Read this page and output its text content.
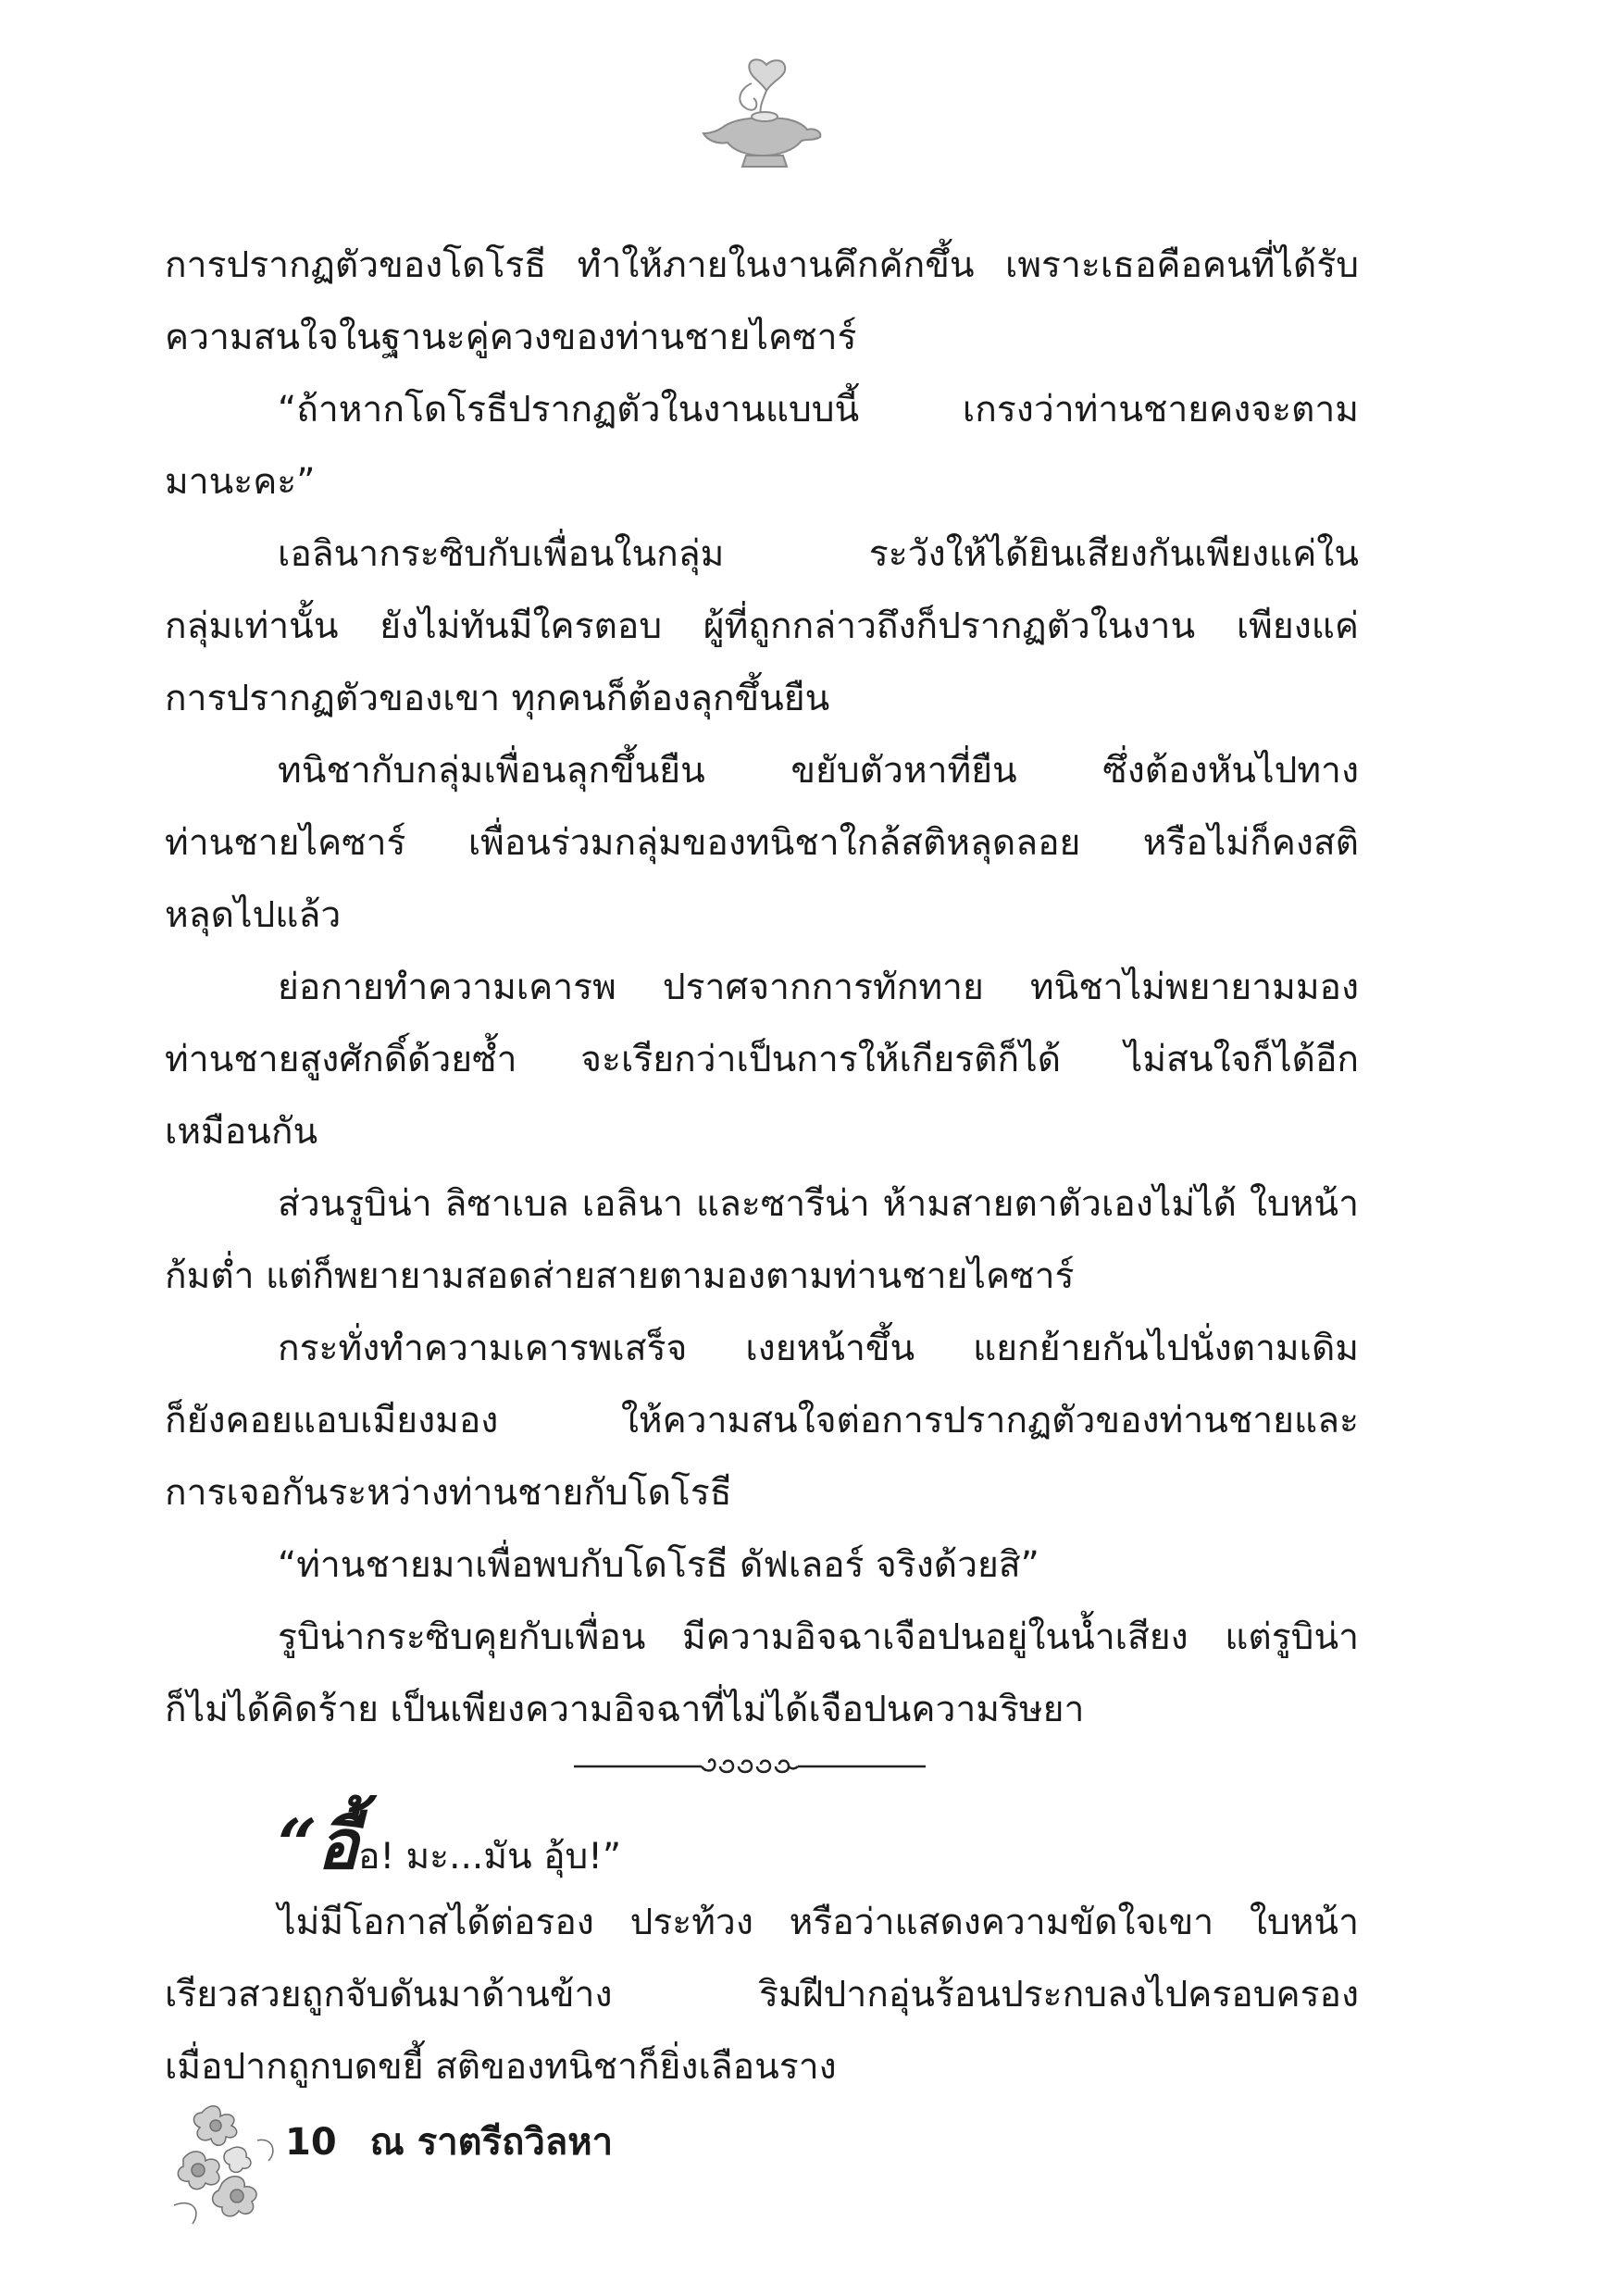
การปรากฏตัวของโดโรธี ทำให้ภายในงานคึกคักขึ้น เพราะเธอคือคนที่ได้รับ
ความสนใจในฐานะคู่ควงของท่านชายไคซาร์
“ถ้าหากโดโรธีปรากฏตัวในงานแบบนี้ เกรงว่าท่านชายคงจะตาม
มานะคะ”
เอลินากระซิบกับเพื่อนในกลุ่ม ระวังให้ได้ยินเสียงกันเพียงแค่ใน
กลุ่มเท่านั้น ยังไม่ทันมีใครตอบ ผู้ที่ถูกกล่าวถึงก็ปรากฏตัวในงาน เพียงแค่
การปรากฏตัวของเขา ทุกคนก็ต้องลุกขึ้นยืน
ทนิชากับกลุ่มเพื่อนลุกขึ้นยืน ขยับตัวหาที่ยืน ซึ่งต้องหันไปทาง
ท่านชายไคซาร์ เพื่อนร่วมกลุ่มของทนิชาใกล้สติหลุดลอย หรือไม่ก็คงสติ
หลุดไปแล้ว
ย่อกายทำความเคารพ ปราศจากการทักทาย ทนิชาไม่พยายามมอง
ท่านชายสูงศักดิ์ด้วยซ้ำ จะเรียกว่าเป็นการให้เกียรติก็ได้ ไม่สนใจก็ได้อีก
เหมือนกัน
ส่วนรูบิน่า ลิซาเบล เอลินา และซารีน่า ห้ามสายตาตัวเองไม่ได้ ใบหน้า
ก้มต่ำ แต่ก็พยายามสอดส่ายสายตามองตามท่านชายไคซาร์
กระทั่งทำความเคารพเสร็จ เงยหน้าขึ้น แยกย้ายกันไปนั่งตามเดิม
ก็ยังคอยแอบเมียงมอง ให้ความสนใจต่อการปรากฏตัวของท่านชายและ
การเจอกันระหว่างท่านชายกับโดโรธี
“ท่านชายมาเพื่อพบกับโดโรธี ดัฟเลอร์ จริงด้วยสิ”
รูบิน่ากระซิบคุยกับเพื่อน มีความอิจฉาเจือปนอยู่ในน้ำเสียง แต่รูบิน่า
ก็ไม่ได้คิดร้าย เป็นเพียงความอิจฉาที่ไม่ได้เจือปนความริษยา
“อื้อ! มะ...มัน อุ้บ!”
ไม่มีโอกาสได้ต่อรอง ประท้วง หรือว่าแสดงความขัดใจเขา ใบหน้า
เรียวสวยถูกจับดันมาด้านข้าง ริมฝีปากอุ่นร้อนประกบลงไปครอบครอง
เมื่อปากถูกบดขยี้ สติของทนิชาก็ยิ่งเลือนราง
10 ณ ราตรีถวิลหา
